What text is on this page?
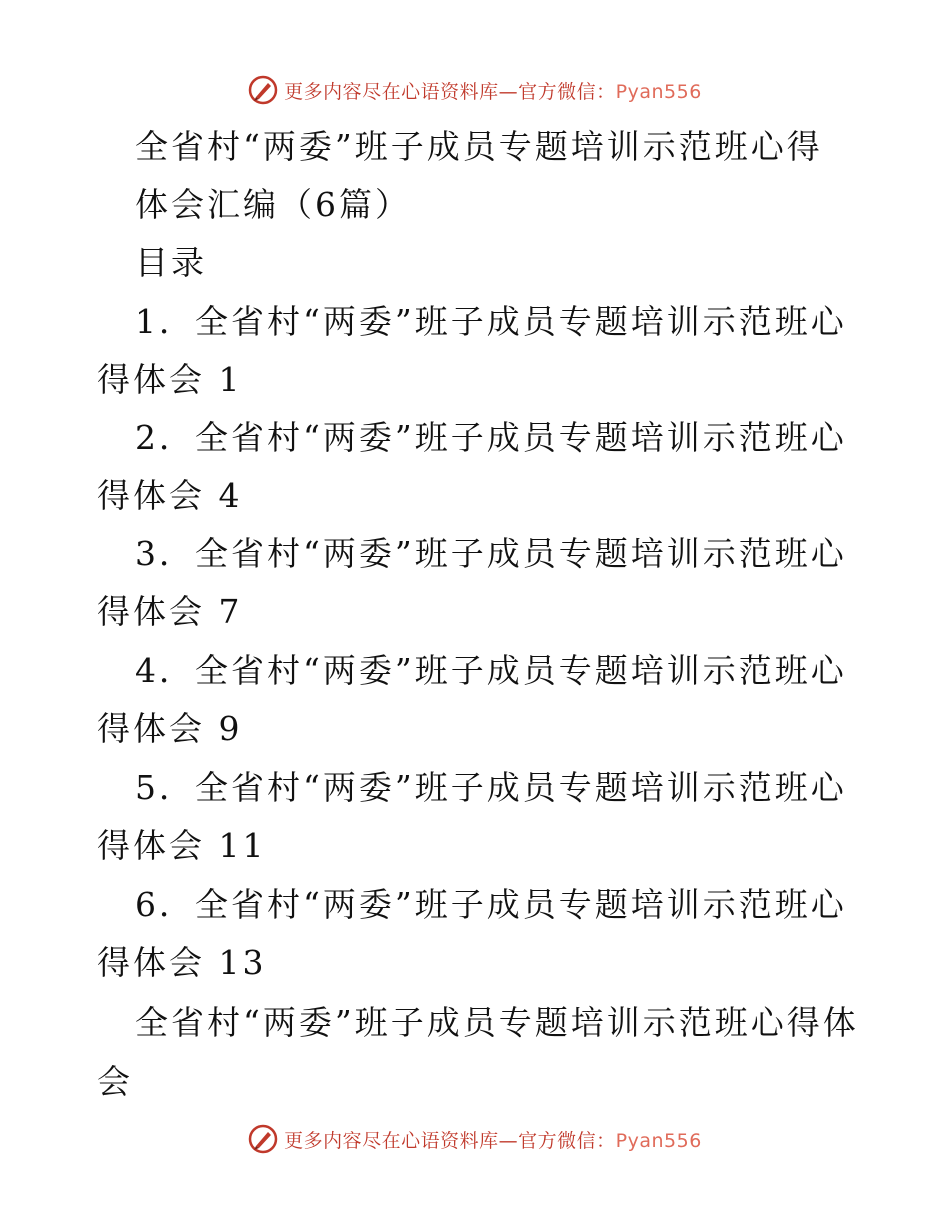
更多内容尽在心语资料库—官方微信：Pyan556
全省村“两委”班子成员专题培训示范班心得
体会汇编（6篇）
目录
1．全省村“两委”班子成员专题培训示范班心
得体会 1
2．全省村“两委”班子成员专题培训示范班心
得体会 4
3．全省村“两委”班子成员专题培训示范班心
得体会 7
4．全省村“两委”班子成员专题培训示范班心
得体会 9
5．全省村“两委”班子成员专题培训示范班心
得体会 11
6．全省村“两委”班子成员专题培训示范班心
得体会 13
全省村“两委”班子成员专题培训示范班心得体
会
更多内容尽在心语资料库—官方微信：Pyan556
